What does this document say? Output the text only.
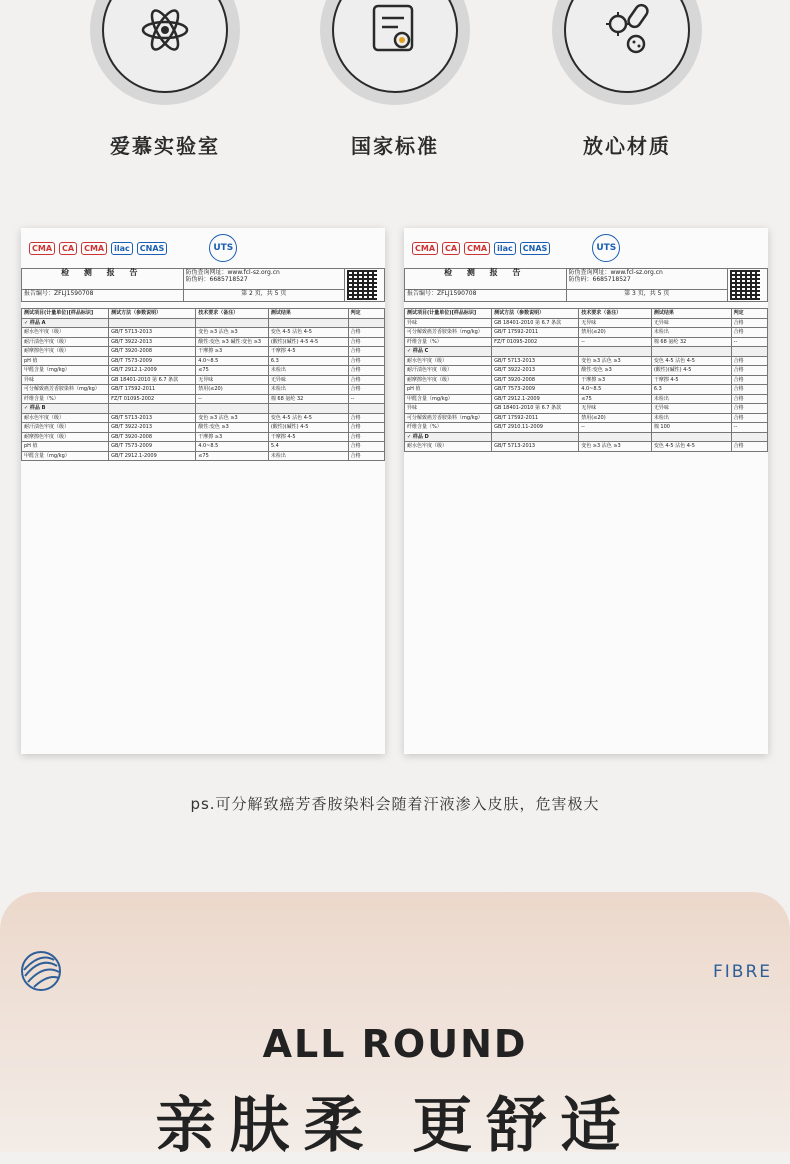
爱慕实验室	国家标准	放心材质
CMA	CA	CMA	ilac	CNAS	UTS
检 测 报 告	防伪查询网址：www.fcl-sz.org.cn
防伪码：6685718527	

报告编号：ZFLJ1590708	第 2 页，共 5 页	
测试项目(计量单位)[样品标识]	测试方法（参数说明）	技术要求（备注）	测试结果	判定
✓ 样品 A				
耐水色牢度（级）	GB/T 5713-2013	变色 ≥3 沾色 ≥3	变色 4-5 沾色 4-5	合格
耐汗渍色牢度（级）	GB/T 3922-2013	酸性:变色 ≥3 碱性:变色 ≥3	(酸性)(碱性) 4-5 4-5	合格
耐摩擦色牢度（级）	GB/T 3920-2008	干摩擦 ≥3	干摩擦 4-5	合格
pH 值	GB/T 7573-2009	4.0~8.5	6.3	合格
甲醛含量（mg/kg）	GB/T 2912.1-2009	≤75	未检出	合格
异味	GB 18401-2010 第 6.7 条款	无异味	无异味	合格
可分解致癌芳香胺染料（mg/kg）	GB/T 17592-2011	禁用(≤20)	未检出	合格
纤维含量（%）	FZ/T 01095-2002	--	棉 68 氨纶 32	--
✓ 样品 B				
耐水色牢度（级）	GB/T 5713-2013	变色 ≥3 沾色 ≥3	变色 4-5 沾色 4-5	合格
耐汗渍色牢度（级）	GB/T 3922-2013	酸性:变色 ≥3	(酸性)(碱性) 4-5	合格
耐摩擦色牢度（级）	GB/T 3920-2008	干摩擦 ≥3	干摩擦 4-5	合格
pH 值	GB/T 7573-2009	4.0~8.5	5.4	合格
甲醛含量（mg/kg）	GB/T 2912.1-2009	≤75	未检出	合格
CMA	CA	CMA	ilac	CNAS	UTS
检 测 报 告	防伪查询网址：www.fcl-sz.org.cn
防伪码：6685718527	

报告编号：ZFLJ1590708	第 3 页，共 5 页	
测试项目(计量单位)[样品标识]	测试方法（参数说明）	技术要求（备注）	测试结果	判定
异味	GB 18401-2010 第 6.7 条款	无异味	无异味	合格
可分解致癌芳香胺染料（mg/kg）	GB/T 17592-2011	禁用(≤20)	未检出	合格
纤维含量（%）	FZ/T 01095-2002	--	棉 68 氨纶 32	--
✓ 样品 C				
耐水色牢度（级）	GB/T 5713-2013	变色 ≥3 沾色 ≥3	变色 4-5 沾色 4-5	合格
耐汗渍色牢度（级）	GB/T 3922-2013	酸性:变色 ≥3	(酸性)(碱性) 4-5	合格
耐摩擦色牢度（级）	GB/T 3920-2008	干摩擦 ≥3	干摩擦 4-5	合格
pH 值	GB/T 7573-2009	4.0~8.5	6.3	合格
甲醛含量（mg/kg）	GB/T 2912.1-2009	≤75	未检出	合格
异味	GB 18401-2010 第 6.7 条款	无异味	无异味	合格
可分解致癌芳香胺染料（mg/kg）	GB/T 17592-2011	禁用(≤20)	未检出	合格
纤维含量（%）	GB/T 2910.11-2009	--	棉 100	--
✓ 样品 D				
耐水色牢度（级）	GB/T 5713-2013	变色 ≥3 沾色 ≥3	变色 4-5 沾色 4-5	合格
ps.可分解致癌芳香胺染料会随着汗液渗入皮肤，危害极大
FIBRE
ALL ROUND
亲肤柔 更舒适
